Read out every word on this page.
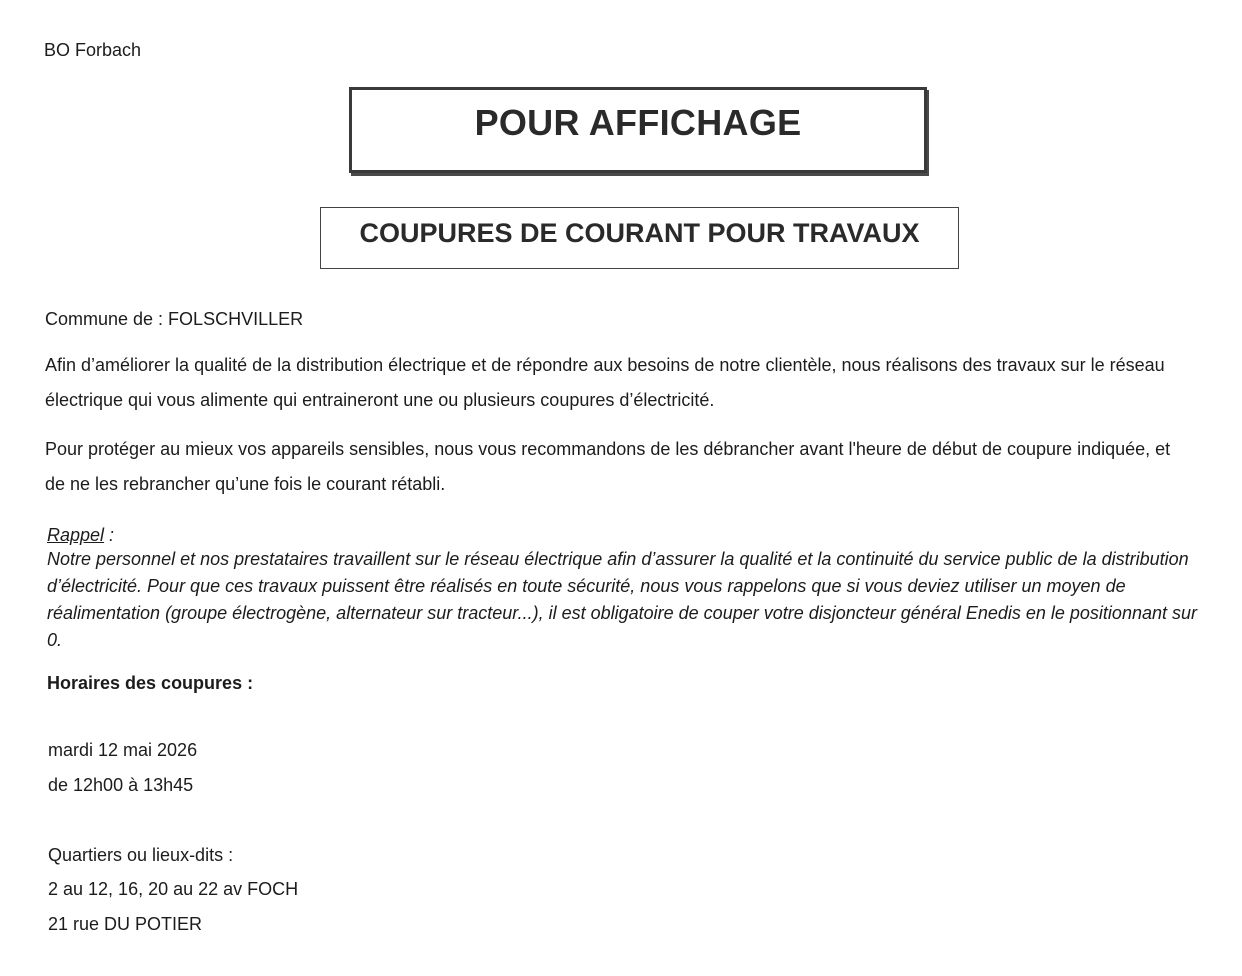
BO Forbach
POUR AFFICHAGE
COUPURES DE COURANT POUR TRAVAUX
Commune de : FOLSCHVILLER
Afin d’améliorer la qualité de la distribution électrique et de répondre aux besoins de notre clientèle, nous réalisons des travaux sur le réseau électrique qui vous alimente qui entraineront une ou plusieurs coupures d’électricité.
Pour protéger au mieux vos appareils sensibles, nous vous recommandons de les débrancher avant l'heure de début de coupure indiquée, et de ne les rebrancher qu’une fois le courant rétabli.
Rappel :
Notre personnel et nos prestataires travaillent sur le réseau électrique afin d’assurer la qualité et la continuité du service public de la distribution d’électricité. Pour que ces travaux puissent être réalisés en toute sécurité, nous vous rappelons que si vous deviez utiliser un moyen de réalimentation (groupe électrogène, alternateur sur tracteur...), il est obligatoire de couper votre disjoncteur général Enedis en le positionnant sur 0.
Horaires des coupures :
mardi 12 mai 2026
de 12h00 à 13h45
Quartiers ou lieux-dits :
2 au 12, 16, 20 au 22 av FOCH
21 rue DU POTIER
